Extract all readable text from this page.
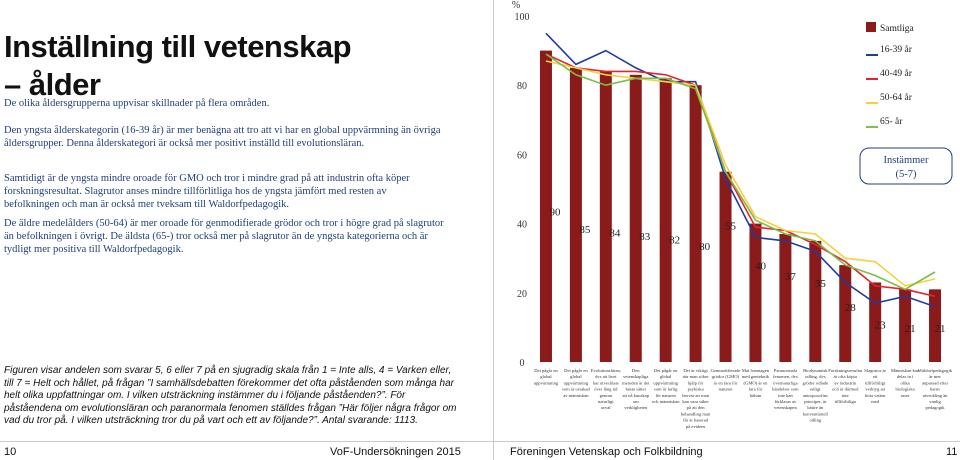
Inställning till vetenskap
– ålder
De olika åldersgrupperna uppvisar skillnader på flera områden.
Den yngsta ålderskategorin (16-39 år) är mer benägna att tro att vi har en global uppvärmning än övriga åldersgrupper. Denna ålderskategori är också mer positivt inställd till evolutionsläran.
Samtidigt är de yngsta mindre oroade för GMO och tror i mindre grad på att industrin ofta köper forskningsresultat. Slagrutor anses mindre tillförlitliga hos de yngsta jämfört med resten av befolkningen och man är också mer tveksam till Waldorfpedagogik.
De äldre medelålders (50-64) är mer oroade för genmodifierade grödor och tror i högre grad på slagrutor än befolkningen i övrigt. De äldsta (65-) tror också mer på slagrutor än de yngsta kategorierna och är tydligt mer positiva till Waldorfpedagogik.
Figuren visar andelen som svarar 5, 6 eller 7 på en sjugradig skala från 1 = Inte alls, 4 = Varken eller, till 7 = Helt och hållet, på frågan ”I samhällsdebatten förekommer det ofta påståenden som många har helt olika uppfattningar om. I vilken utsträckning instämmer du i följande påståenden?”. För påståendena om evolutionsläran och paranormala fenomen ställdes frågan ”Här följer några frågor om vad du tror på. I vilken utsträckning tror du på vart och ett av följande?”. Antal svarande: 1113.
10	VoF-Undersökningen 2015	Föreningen Vetenskap och Folkbildning	11
%
0
20
40
60
80
100
90
85 84 83 82
80
55
40
37
35
28
23 21 21
Det pågår en global uppvärmning
Det pågår en global uppvärmning som är orsakad av människan
Evolutionsläran, dvs att livet har utvecklats över lång tid genom naturligt urval
Den vetenskapliga metoden är det bästa sättet att nå kunskap om verkligheten
Det pågår en global uppvärmning som är farlig för naturen och människan
Det är viktigt när man söker hjälp för psykiska besvär att man kan vara säker på att den behandling man får är baserad på evidens
Genmodifierade grödor (GMO) är en fara för naturen
Mat framtagen med genteknik (GMO) är en fara för hälsan
Paranormala fenomen, dvs övernaturliga händelser som inte kan förklaras av vetenskapen
Biodynamisk odling, dvs grödor odlade enligt antroposofins principer, är bättre än konventionell odling
Forskningsresultat är ofta köpta av industrin och är därmed inte tillförlitliga
Slagrutor är ett tillförlitligt verktyg att hitta vatten med
Människan kan delas in i olika biologiska raser
Waldorfpedagogik är mer anpassad efter barns utveckling än vanlig pedagogik
Samtliga
16-39 år
40-49 år
50-64 år
65- år
Instämmer
(5-7)
